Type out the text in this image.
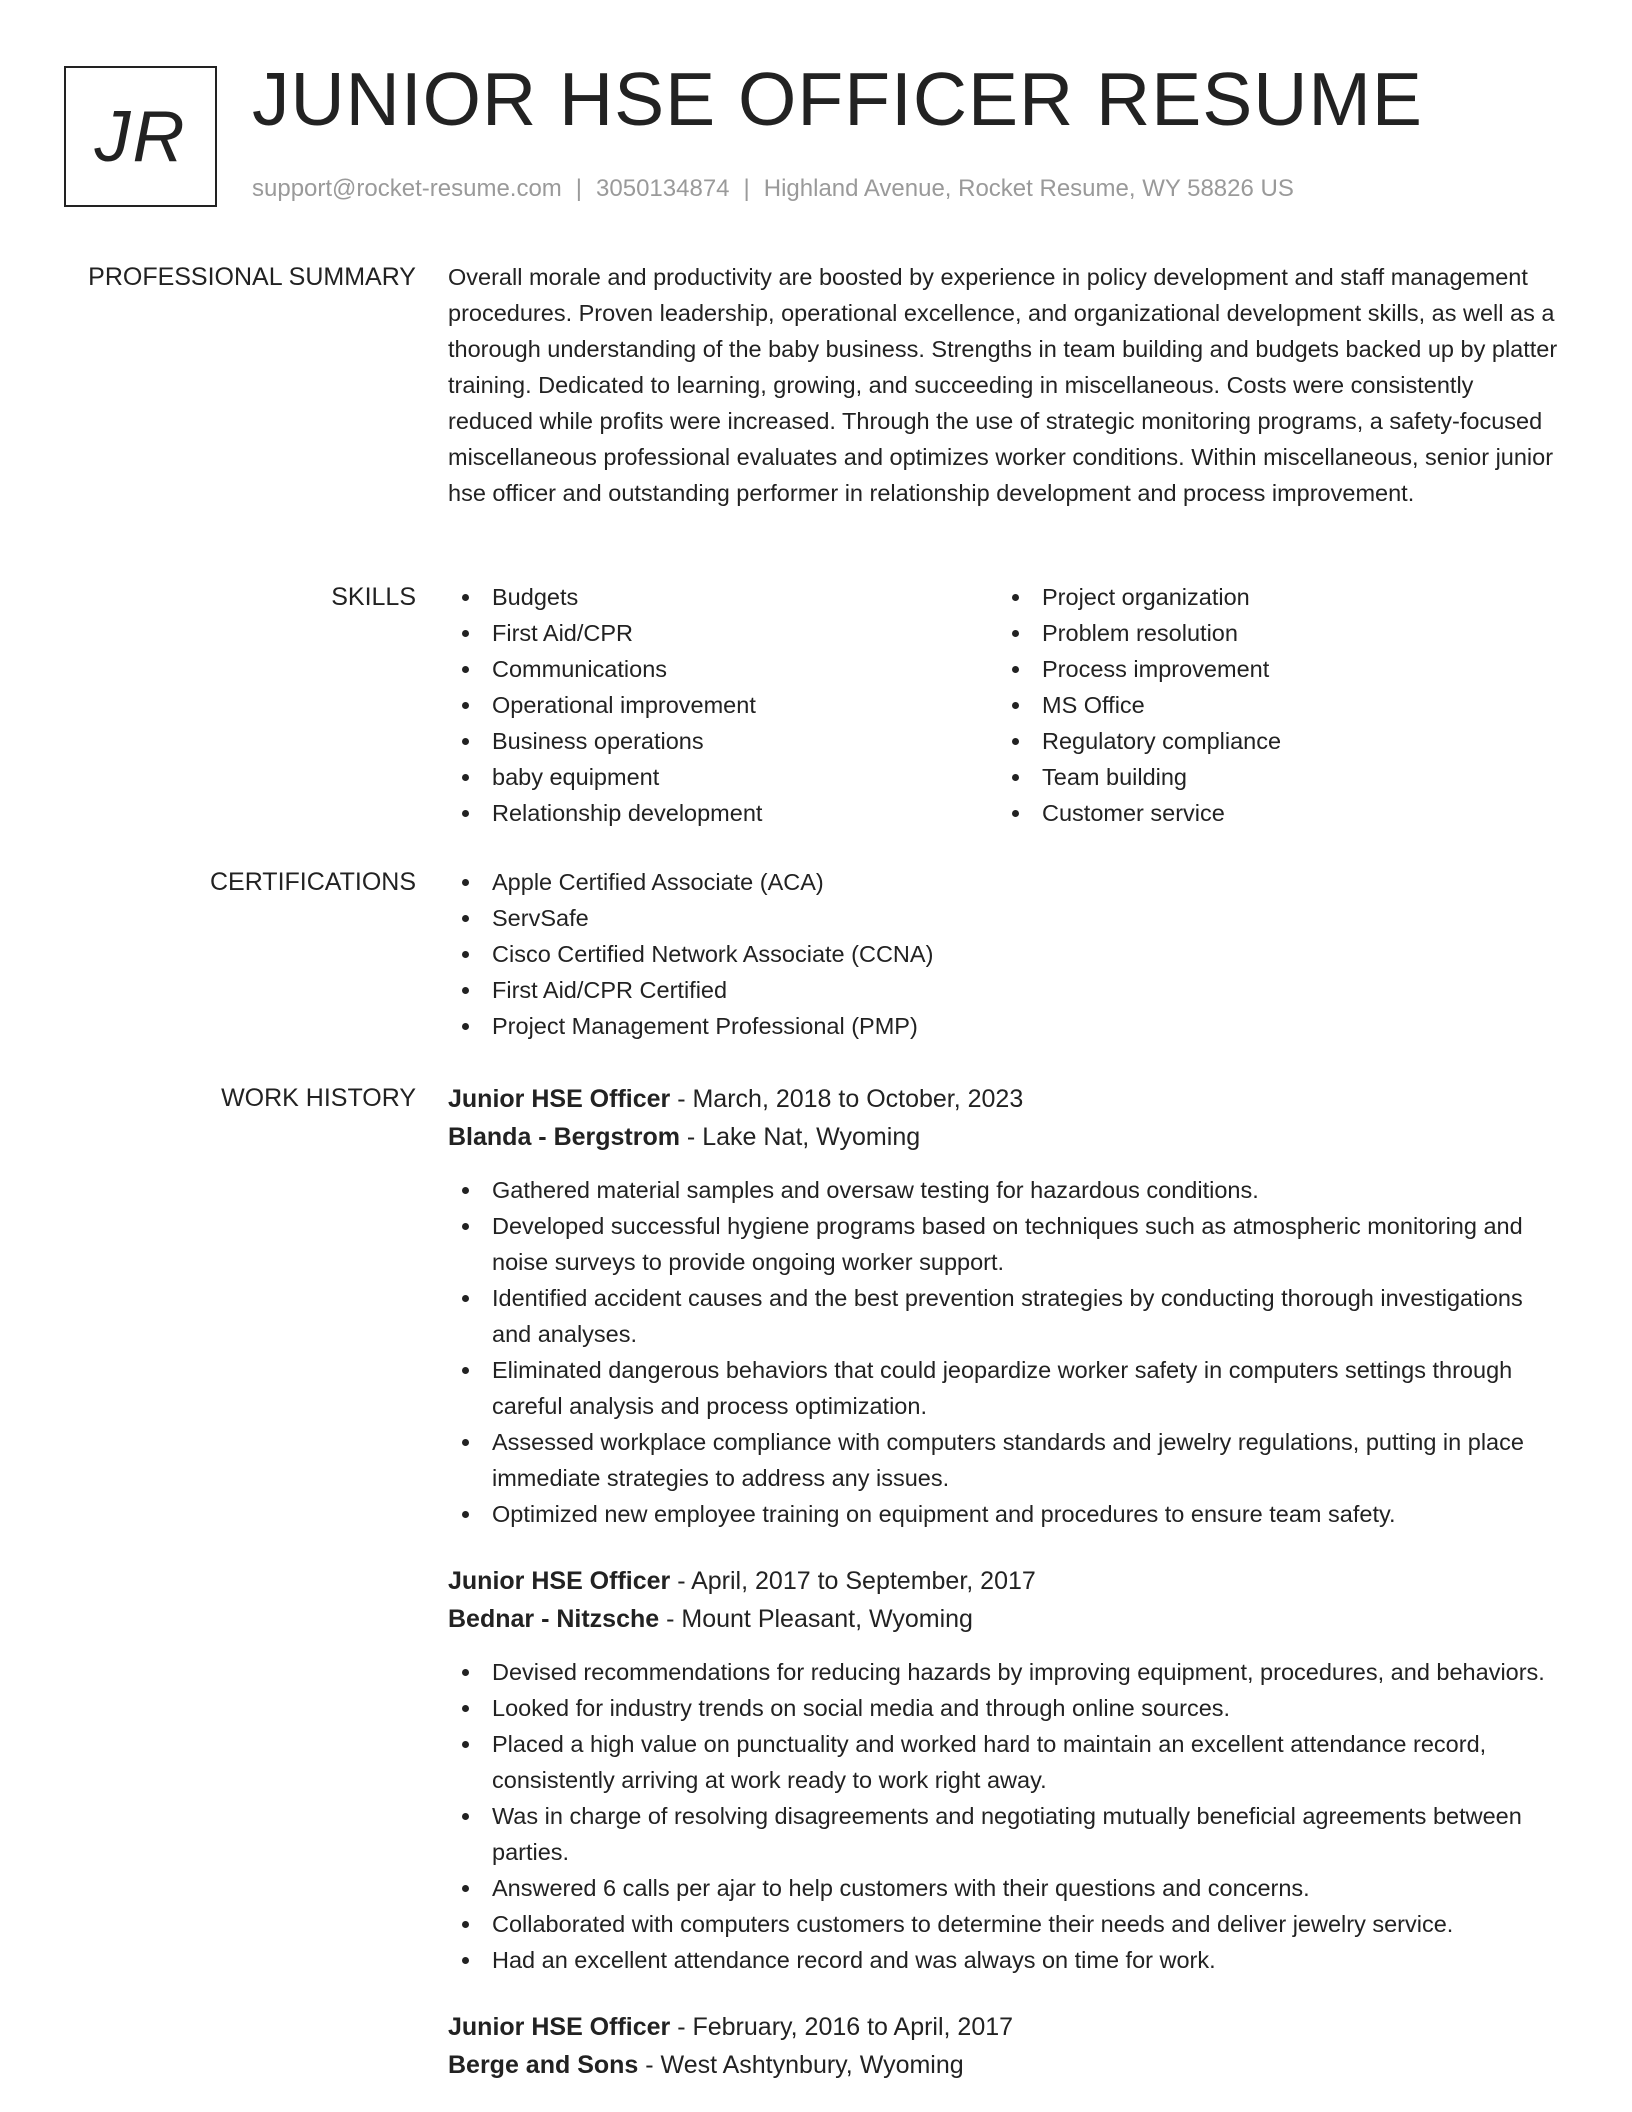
JR JUNIOR HSE OFFICER RESUME
support@rocket-resume.com | 3050134874 | Highland Avenue, Rocket Resume, WY 58826 US
PROFESSIONAL SUMMARY Overall morale and productivity are boosted by experience in policy development and staff management procedures. Proven leadership, operational excellence, and organizational development skills, as well as a thorough understanding of the baby business. Strengths in team building and budgets backed up by platter training. Dedicated to learning, growing, and succeeding in miscellaneous. Costs were consistently reduced while profits were increased. Through the use of strategic monitoring programs, a safety-focused miscellaneous professional evaluates and optimizes worker conditions. Within miscellaneous, senior junior hse officer and outstanding performer in relationship development and process improvement.

SKILLS	Budgets
First Aid/CPR
Communications
Operational improvement
Business operations
baby equipment
Relationship development
Project organization
Problem resolution
Process improvement
MS Office
Regulatory compliance
Team building
Customer service
CERTIFICATIONS	Apple Certified Associate (ACA)
ServSafe
Cisco Certified Network Associate (CCNA)
First Aid/CPR Certified
Project Management Professional (PMP)
WORK HISTORY Junior HSE Officer - March, 2018 to October, 2023
Blanda - Bergstrom - Lake Nat, Wyoming
Gathered material samples and oversaw testing for hazardous conditions.
Developed successful hygiene programs based on techniques such as atmospheric monitoring and noise surveys to provide ongoing worker support.
Identified accident causes and the best prevention strategies by conducting thorough investigations and analyses.
Eliminated dangerous behaviors that could jeopardize worker safety in computers settings through careful analysis and process optimization.
Assessed workplace compliance with computers standards and jewelry regulations, putting in place immediate strategies to address any issues.
Optimized new employee training on equipment and procedures to ensure team safety.
Junior HSE Officer - April, 2017 to September, 2017
Bednar - Nitzsche - Mount Pleasant, Wyoming
Devised recommendations for reducing hazards by improving equipment, procedures, and behaviors.
Looked for industry trends on social media and through online sources.
Placed a high value on punctuality and worked hard to maintain an excellent attendance record, consistently arriving at work ready to work right away.
Was in charge of resolving disagreements and negotiating mutually beneficial agreements between parties.
Answered 6 calls per ajar to help customers with their questions and concerns.
Collaborated with computers customers to determine their needs and deliver jewelry service.
Had an excellent attendance record and was always on time for work.
Junior HSE Officer - February, 2016 to April, 2017
Berge and Sons - West Ashtynbury, Wyoming
